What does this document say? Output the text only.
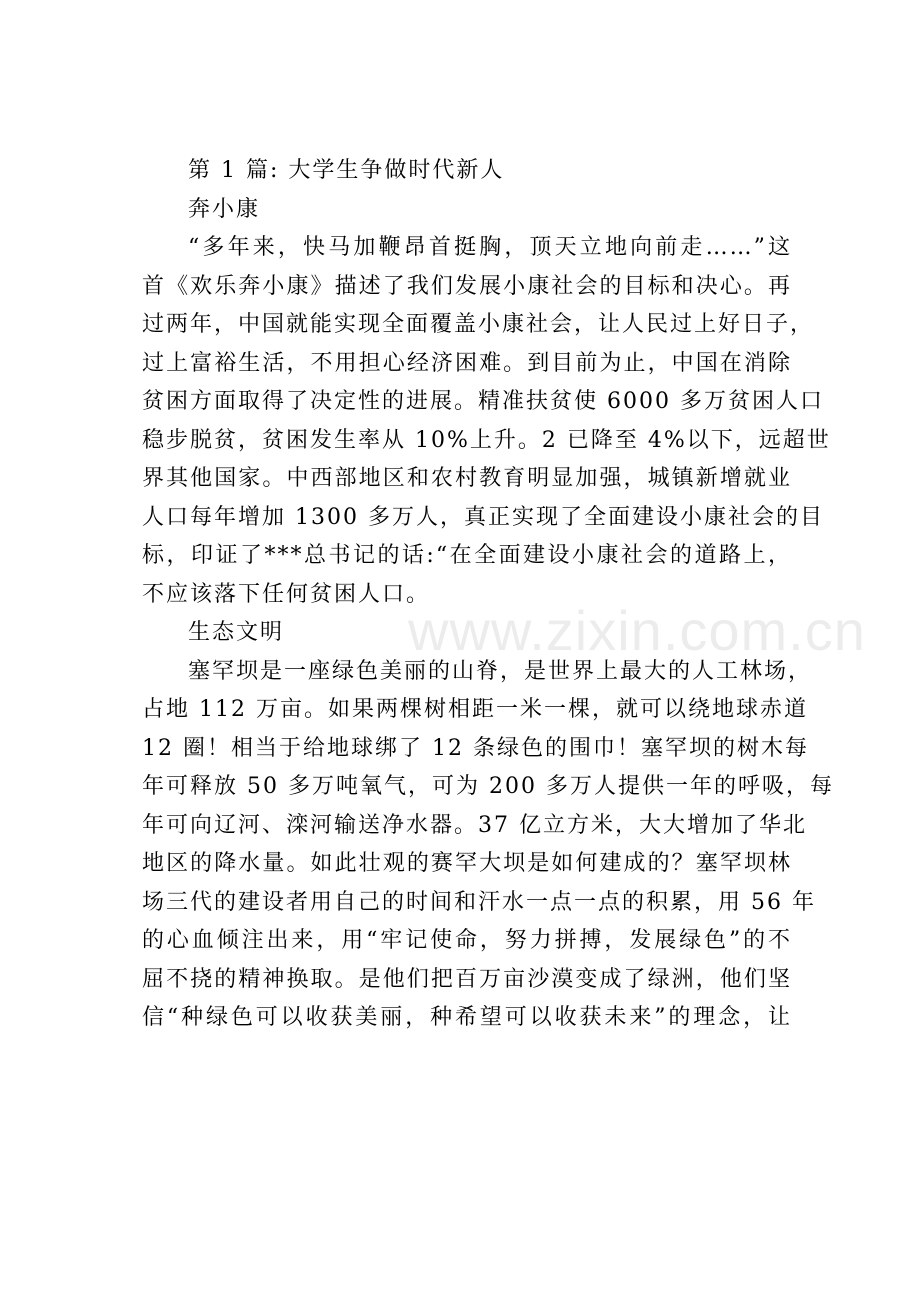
第 1 篇: 大学生争做时代新人
奔小康
“多年来，快马加鞭昂首挺胸，顶天立地向前走……”这
首《欢乐奔小康》描述了我们发展小康社会的目标和决心。再
过两年，中国就能实现全面覆盖小康社会，让人民过上好日子，
过上富裕生活，不用担心经济困难。到目前为止，中国在消除
贫困方面取得了决定性的进展。精准扶贫使 6000 多万贫困人口
稳步脱贫，贫困发生率从 10%上升。2 已降至 4%以下，远超世
界其他国家。中西部地区和农村教育明显加强，城镇新增就业
人口每年增加 1300 多万人，真正实现了全面建设小康社会的目
标，印证了***总书记的话:“在全面建设小康社会的道路上，
不应该落下任何贫困人口。
生态文明
塞罕坝是一座绿色美丽的山脊，是世界上最大的人工林场，
占地 112 万亩。如果两棵树相距一米一棵，就可以绕地球赤道
12 圈！相当于给地球绑了 12 条绿色的围巾！塞罕坝的树木每
年可释放 50 多万吨氧气，可为 200 多万人提供一年的呼吸，每
年可向辽河、滦河输送净水器。37 亿立方米，大大增加了华北
地区的降水量。如此壮观的赛罕大坝是如何建成的？塞罕坝林
场三代的建设者用自己的时间和汗水一点一点的积累，用 56 年
的心血倾注出来，用“牢记使命，努力拼搏，发展绿色”的不
屈不挠的精神换取。是他们把百万亩沙漠变成了绿洲，他们坚
信“种绿色可以收获美丽，种希望可以收获未来”的理念，让
www.zixin.com.cn
